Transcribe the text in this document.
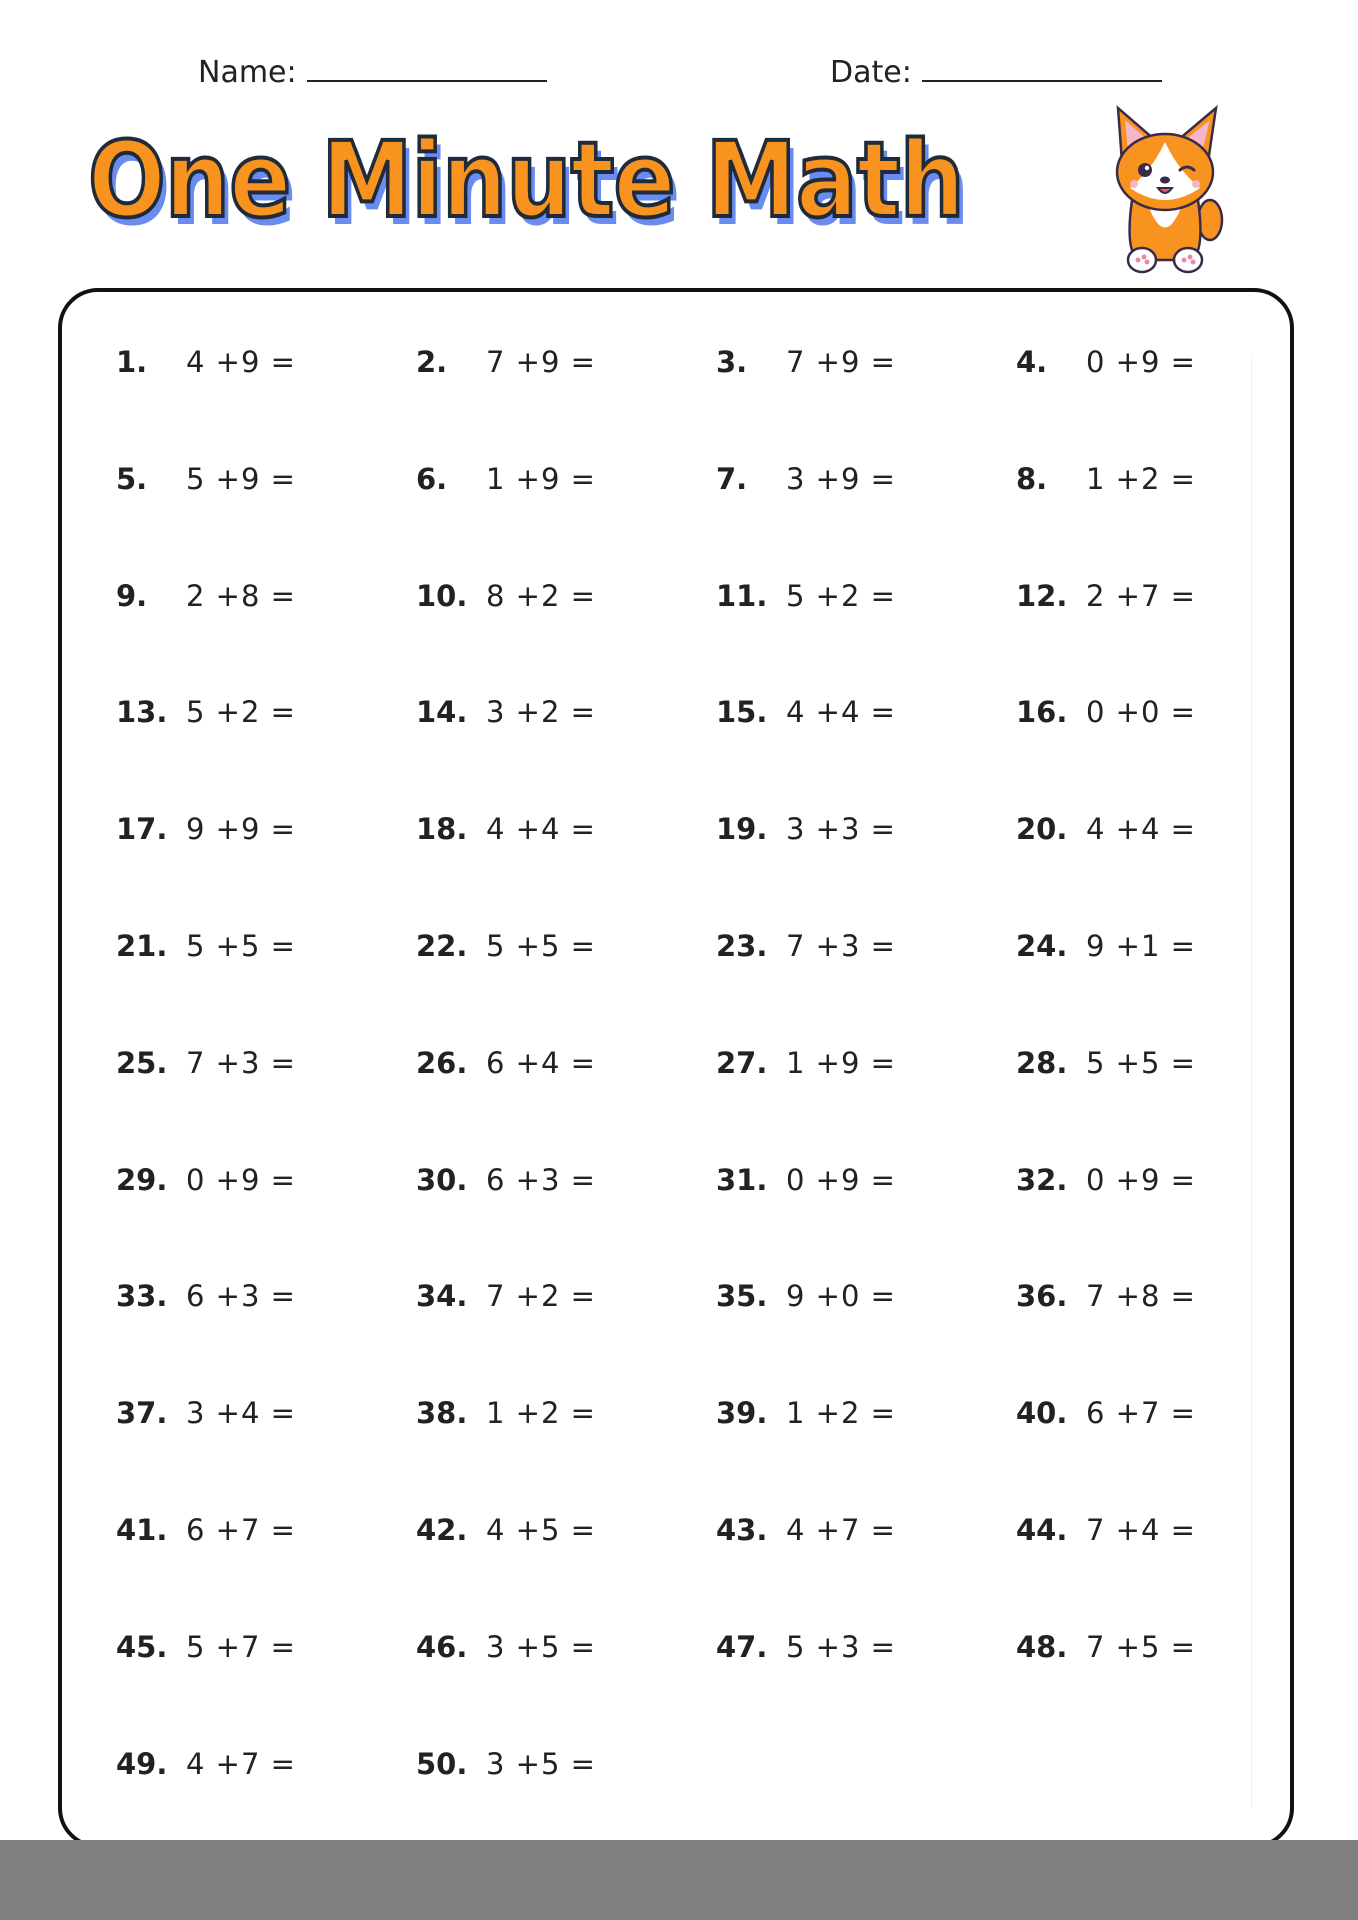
Name:	Date:
One Minute Math
1.	4 +9 =	2.	7 +9 =	3.	7 +9 =	4.	0 +9 =
5.	5 +9 =	6.	1 +9 =	7.	3 +9 =	8.	1 +2 =
9.	2 +8 =	10. 8 +2 =	11. 5 +2 =	12. 2 +7 =
13. 5 +2 =	14. 3 +2 =	15. 4 +4 =	16. 0 +0 =
17. 9 +9 =	18. 4 +4 =	19. 3 +3 =	20. 4 +4 =
21. 5 +5 =	22. 5 +5 =	23. 7 +3 =	24. 9 +1 =
25. 7 +3 =	26. 6 +4 =	27. 1 +9 =	28. 5 +5 =
29. 0 +9 =	30. 6 +3 =	31. 0 +9 =	32. 0 +9 =
33. 6 +3 =	34. 7 +2 =	35. 9 +0 =	36. 7 +8 =
37. 3 +4 =	38. 1 +2 =	39. 1 +2 =	40. 6 +7 =
41. 6 +7 =	42. 4 +5 =	43. 4 +7 =	44. 7 +4 =
45. 5 +7 =	46. 3 +5 =	47. 5 +3 =	48. 7 +5 =
49. 4 +7 =	50. 3 +5 =
